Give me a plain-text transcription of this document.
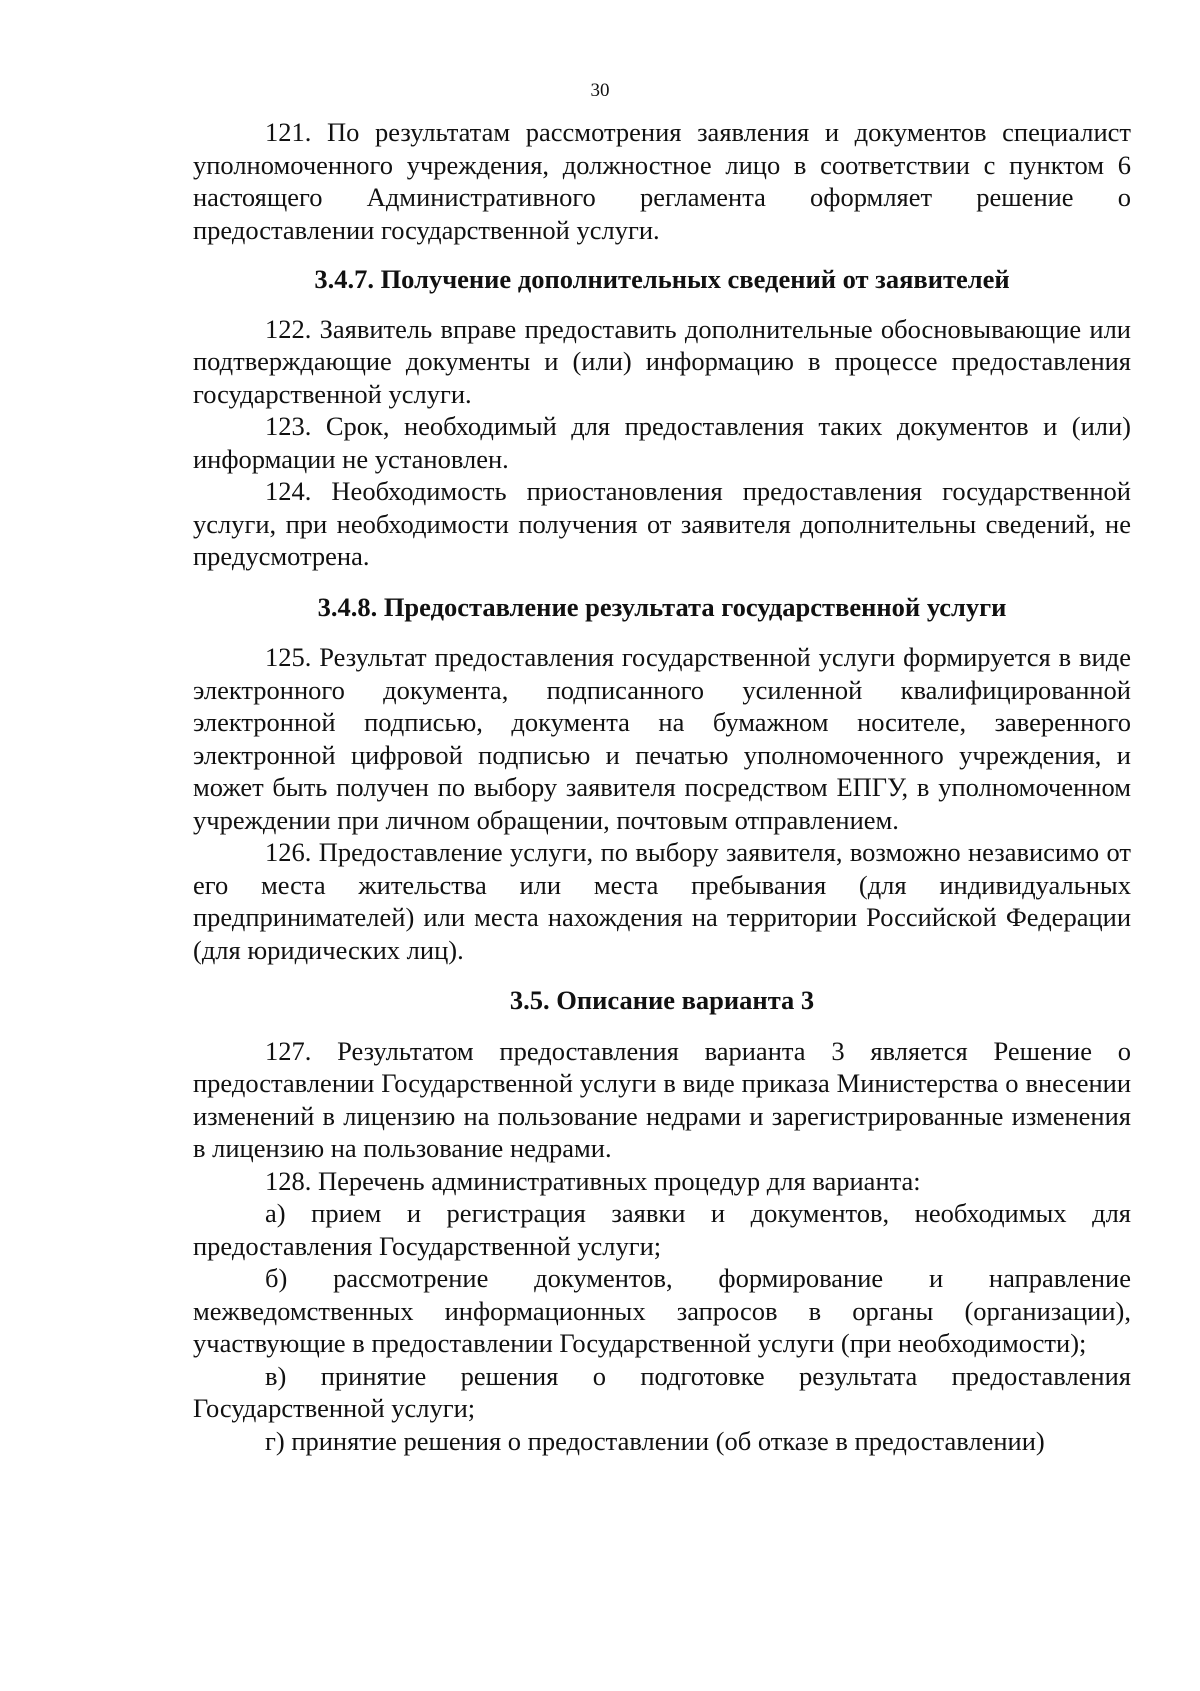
30

121. По результатам рассмотрения заявления и документов специалист уполномоченного учреждения, должностное лицо в соответствии с пунктом 6 настоящего Административного регламента оформляет решение о предоставлении государственной услуги.

3.4.7. Получение дополнительных сведений от заявителей

122. Заявитель вправе предоставить дополнительные обосновывающие или подтверждающие документы и (или) информацию в процессе предоставления государственной услуги.

123. Срок, необходимый для предоставления таких документов и (или) информации не установлен.

124. Необходимость приостановления предоставления государственной услуги, при необходимости получения от заявителя дополнительны сведений, не предусмотрена.

3.4.8. Предоставление результата государственной услуги

125. Результат предоставления государственной услуги формируется в виде электронного документа, подписанного усиленной квалифицированной электронной подписью, документа на бумажном носителе, заверенного электронной цифровой подписью и печатью уполномоченного учреждения, и может быть получен по выбору заявителя посредством ЕПГУ, в уполномоченном учреждении при личном обращении, почтовым отправлением.

126. Предоставление услуги, по выбору заявителя, возможно независимо от его места жительства или места пребывания (для индивидуальных предпринимателей) или места нахождения на территории Российской Федерации (для юридических лиц).

3.5. Описание варианта 3

127. Результатом предоставления варианта 3 является Решение о предоставлении Государственной услуги в виде приказа Министерства о внесении изменений в лицензию на пользование недрами и зарегистрированные изменения в лицензию на пользование недрами.

128. Перечень административных процедур для варианта:

а) прием и регистрация заявки и документов, необходимых для предоставления Государственной услуги;

б) рассмотрение документов, формирование и направление межведомственных информационных запросов в органы (организации), участвующие в предоставлении Государственной услуги (при необходимости);

в) принятие решения о подготовке результата предоставления Государственной услуги;

г) принятие решения о предоставлении (об отказе в предоставлении)
